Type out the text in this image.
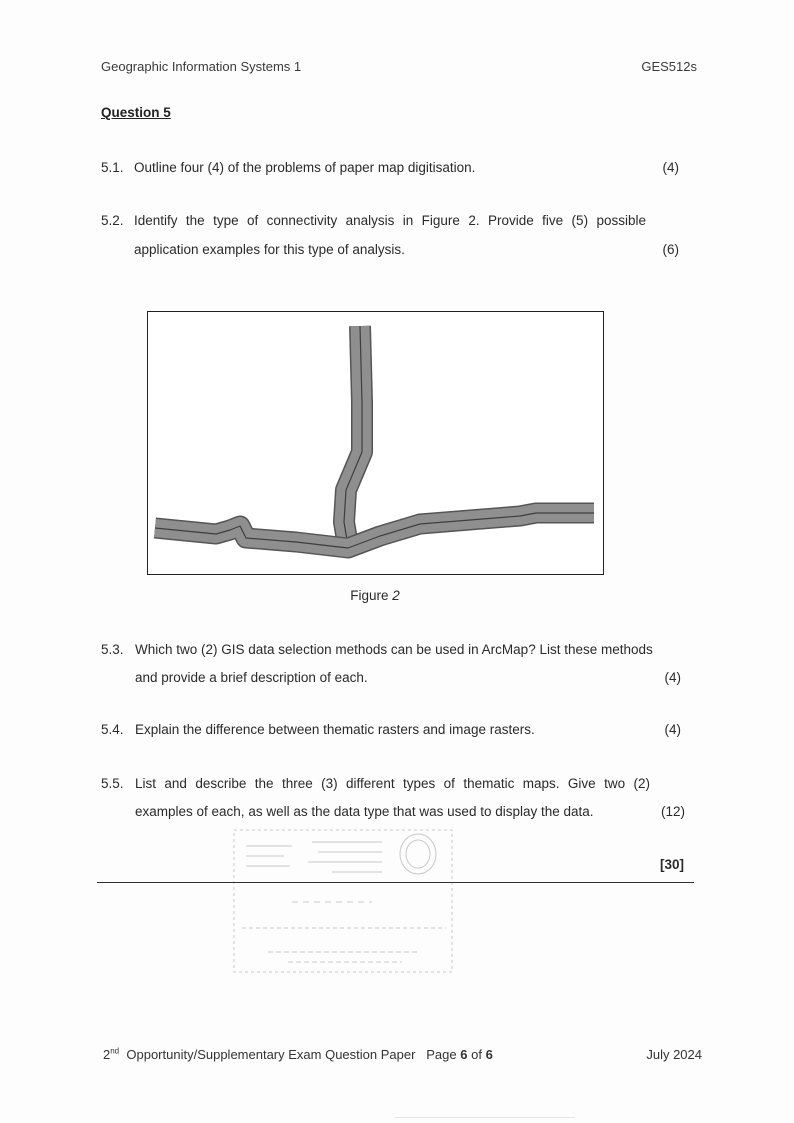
Geographic Information Systems 1	GES512s
Question 5
5.1. Outline four (4) of the problems of paper map digitisation.	(4)
5.2. Identify the type of connectivity analysis in Figure 2. Provide five (5) possible
application examples for this type of analysis.	(6)
Figure 2
5.3. Which two (2) GIS data selection methods can be used in ArcMap? List these methods
and provide a brief description of each.	(4)
5.4. Explain the difference between thematic rasters and image rasters.	(4)
5.5. List and describe the three (3) different types of thematic maps. Give two (2)
examples of each, as well as the data type that was used to display the data.	(12)
[30]
2nd Opportunity/Supplementary Exam Question Paper Page 6 of 6	July 2024
